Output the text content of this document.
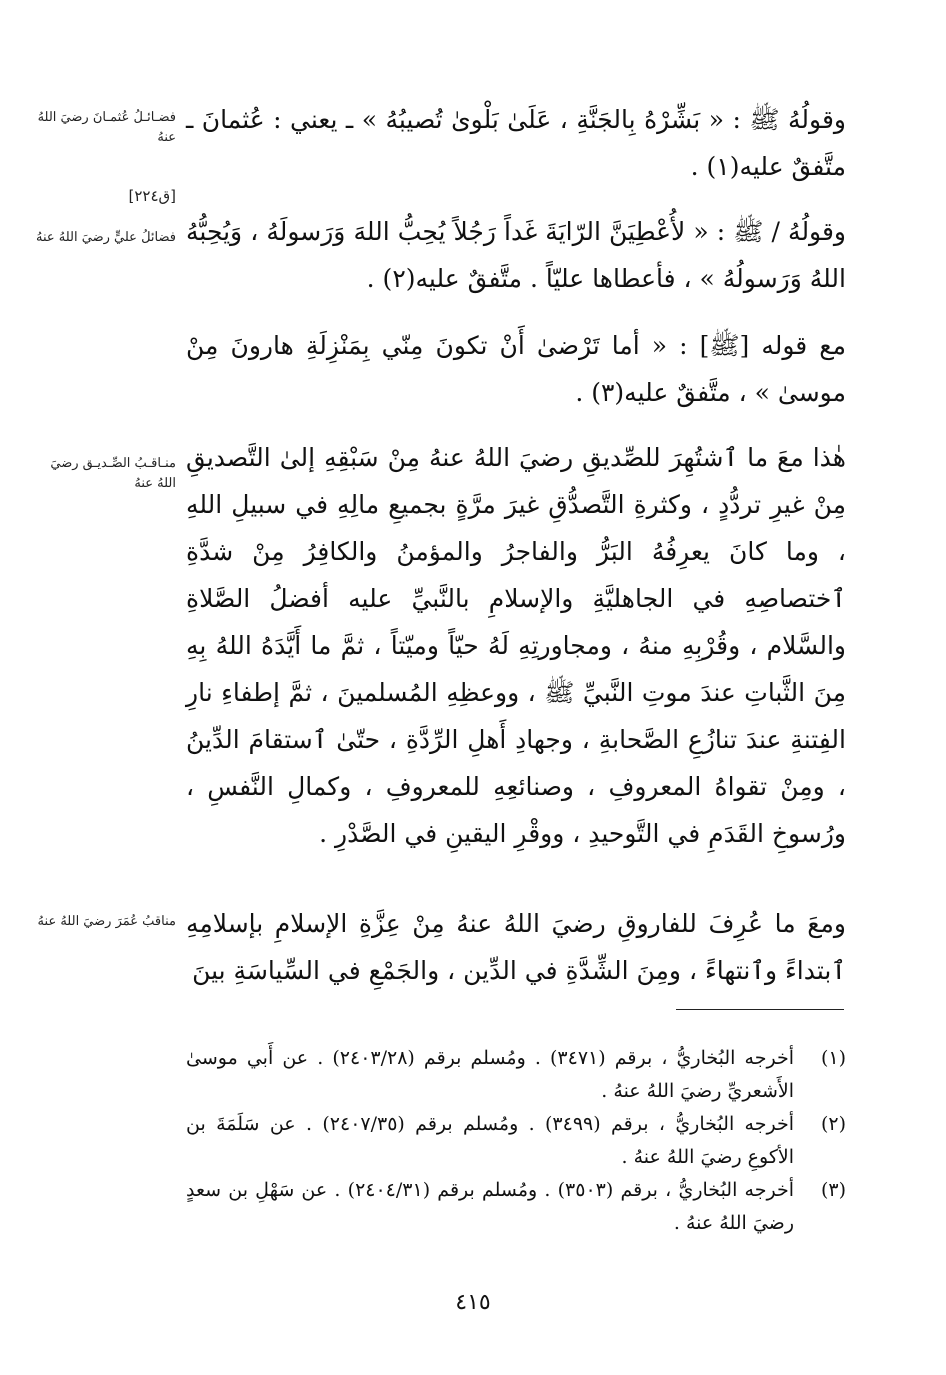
وقولُهُ ﷺ : « بَشِّرْهُ بِالجَنَّةِ ، عَلَىٰ بَلْوىٰ تُصيبُهُ » ـ يعني : عُثمانَ ـ متَّفقٌ عليه(١) .

فضـائـلُ عُثمـانَ رضيَ اللهُ عنهُ
[ق٢٢٤]

وقولُهُ / ﷺ : « لأُعْطِيَنَّ الرّايَةَ غَداً رَجُلاً يُحِبُّ اللهَ وَرَسولَهُ ، وَيُحِبُّهُ اللهُ وَرَسولُهُ » ، فأعطاها عليّاً . متَّفقٌ عليه(٢) .

فضائلُ عليٍّ رضيَ اللهُ عنهُ

مع قوله [ﷺ] : « أما تَرْضىٰ أَنْ تكونَ مِنّي بِمَنْزِلَةِ هارونَ مِنْ موسىٰ » ، متَّفقٌ عليه(٣) .

هٰذا معَ ما ٱشتُهِرَ للصِّديقِ رضيَ اللهُ عنهُ مِنْ سَبْقِهِ إلىٰ التَّصديقِ مِنْ غيرِ تردُّدٍ ، وكثرةِ التَّصدُّقِ غيرَ مرَّةٍ بجميعِ مالِهِ في سبيلِ اللهِ ، وما كانَ يعرِفُهُ البَرُّ والفاجرُ والمؤمنُ والكافِرُ مِنْ شدَّةِ ٱختصاصِهِ في الجاهليَّةِ والإسلامِ بالنَّبيِّ عليه أفضلُ الصَّلاةِ والسَّلام ، وقُرْبِهِ منهُ ، ومجاورتِهِ لَهُ حيّاً وميّتاً ، ثمَّ ما أَيَّدَهُ اللهُ بِهِ مِنَ الثَّباتِ عندَ موتِ النَّبيِّ ﷺ ، ووعظِهِ المُسلمينَ ، ثمَّ إطفاءِ نارِ الفِتنةِ عندَ تنازُعِ الصَّحابةِ ، وجهادِ أَهلِ الرِّدَّةِ ، حتّىٰ ٱستقامَ الدِّينُ ، ومِنْ تقواهُ المعروفِ ، وصنائعِهِ للمعروفِ ، وكمالِ النَّفسِ ، ورُسوخِ القَدَمِ في التَّوحيدِ ، ووقْرِ اليقينِ في الصَّدْرِ .

منـاقـبُ الصِّـديـق رضيَ اللهُ عنهُ

ومعَ ما عُرِفَ للفاروقِ رضيَ اللهُ عنهُ مِنْ عِزَّةِ الإسلامِ بإسلامِهِ ٱبتداءً وٱنتهاءً ، ومِنَ الشِّدَّةِ في الدِّين ، والجَمْعِ في السِّياسَةِ بينَ

مناقبُ عُمَرَ رضيَ اللهُ عنهُ
(١)
أخرجه البُخاريُّ ، برقم (٣٤٧١) . ومُسلم برقم (٢٤٠٣/٢٨) . عن أَبي موسىٰ الأَشعريِّ رضيَ اللهُ عنهُ .
(٢)
أخرجه البُخاريُّ ، برقم (٣٤٩٩) . ومُسلم برقم (٢٤٠٧/٣٥) . عن سَلَمَةَ بن الأكوعِ رضيَ اللهُ عنهُ .
(٣)
أخرجه البُخاريُّ ، برقم (٣٥٠٣) . ومُسلم برقم (٢٤٠٤/٣١) . عن سَهْلِ بن سعدٍ رضيَ اللهُ عنهُ .
٤١٥
